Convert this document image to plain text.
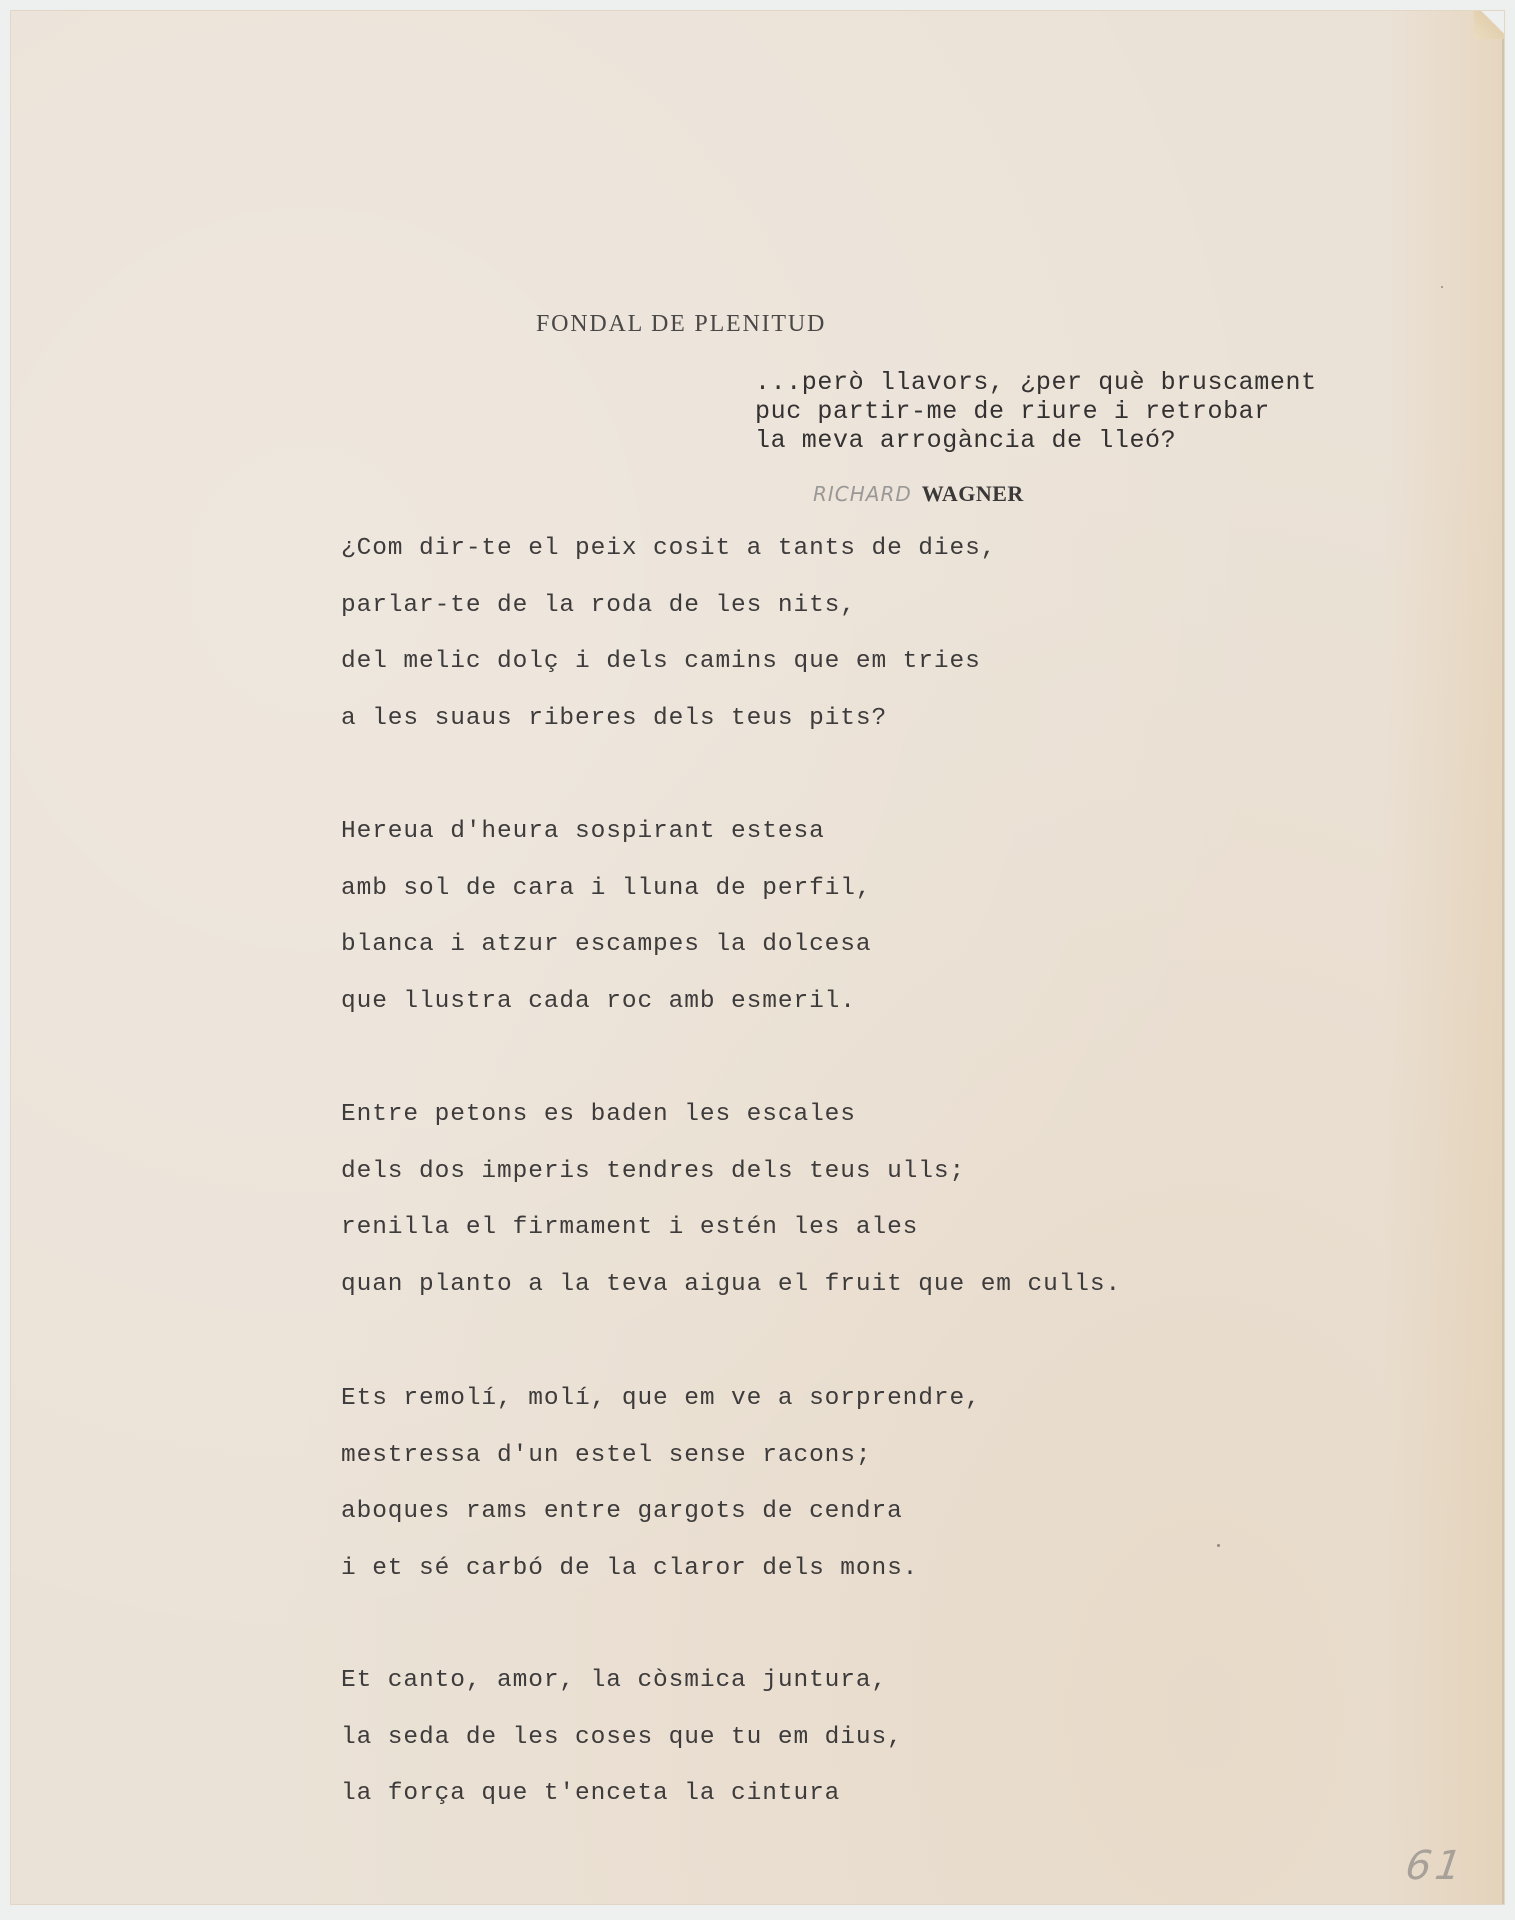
FONDAL DE PLENITUD
...però llavors, ¿per què bruscament
puc partir-me de riure i retrobar
la meva arrogància de lleó?
RICHARD WAGNER
¿Com dir-te el peix cosit a tants de dies,
parlar-te de la roda de les nits,
del melic dolç i dels camins que em tries
a les suaus riberes dels teus pits?
Hereua d'heura sospirant estesa
amb sol de cara i lluna de perfil,
blanca i atzur escampes la dolcesa
que llustra cada roc amb esmeril.
Entre petons es baden les escales
dels dos imperis tendres dels teus ulls;
renilla el firmament i estén les ales
quan planto a la teva aigua el fruit que em culls.
Ets remolí, molí, que em ve a sorprendre,
mestressa d'un estel sense racons;
aboques rams entre gargots de cendra
i et sé carbó de la claror dels mons.
Et canto, amor, la còsmica juntura,
la seda de les coses que tu em dius,
la força que t'enceta la cintura
61
